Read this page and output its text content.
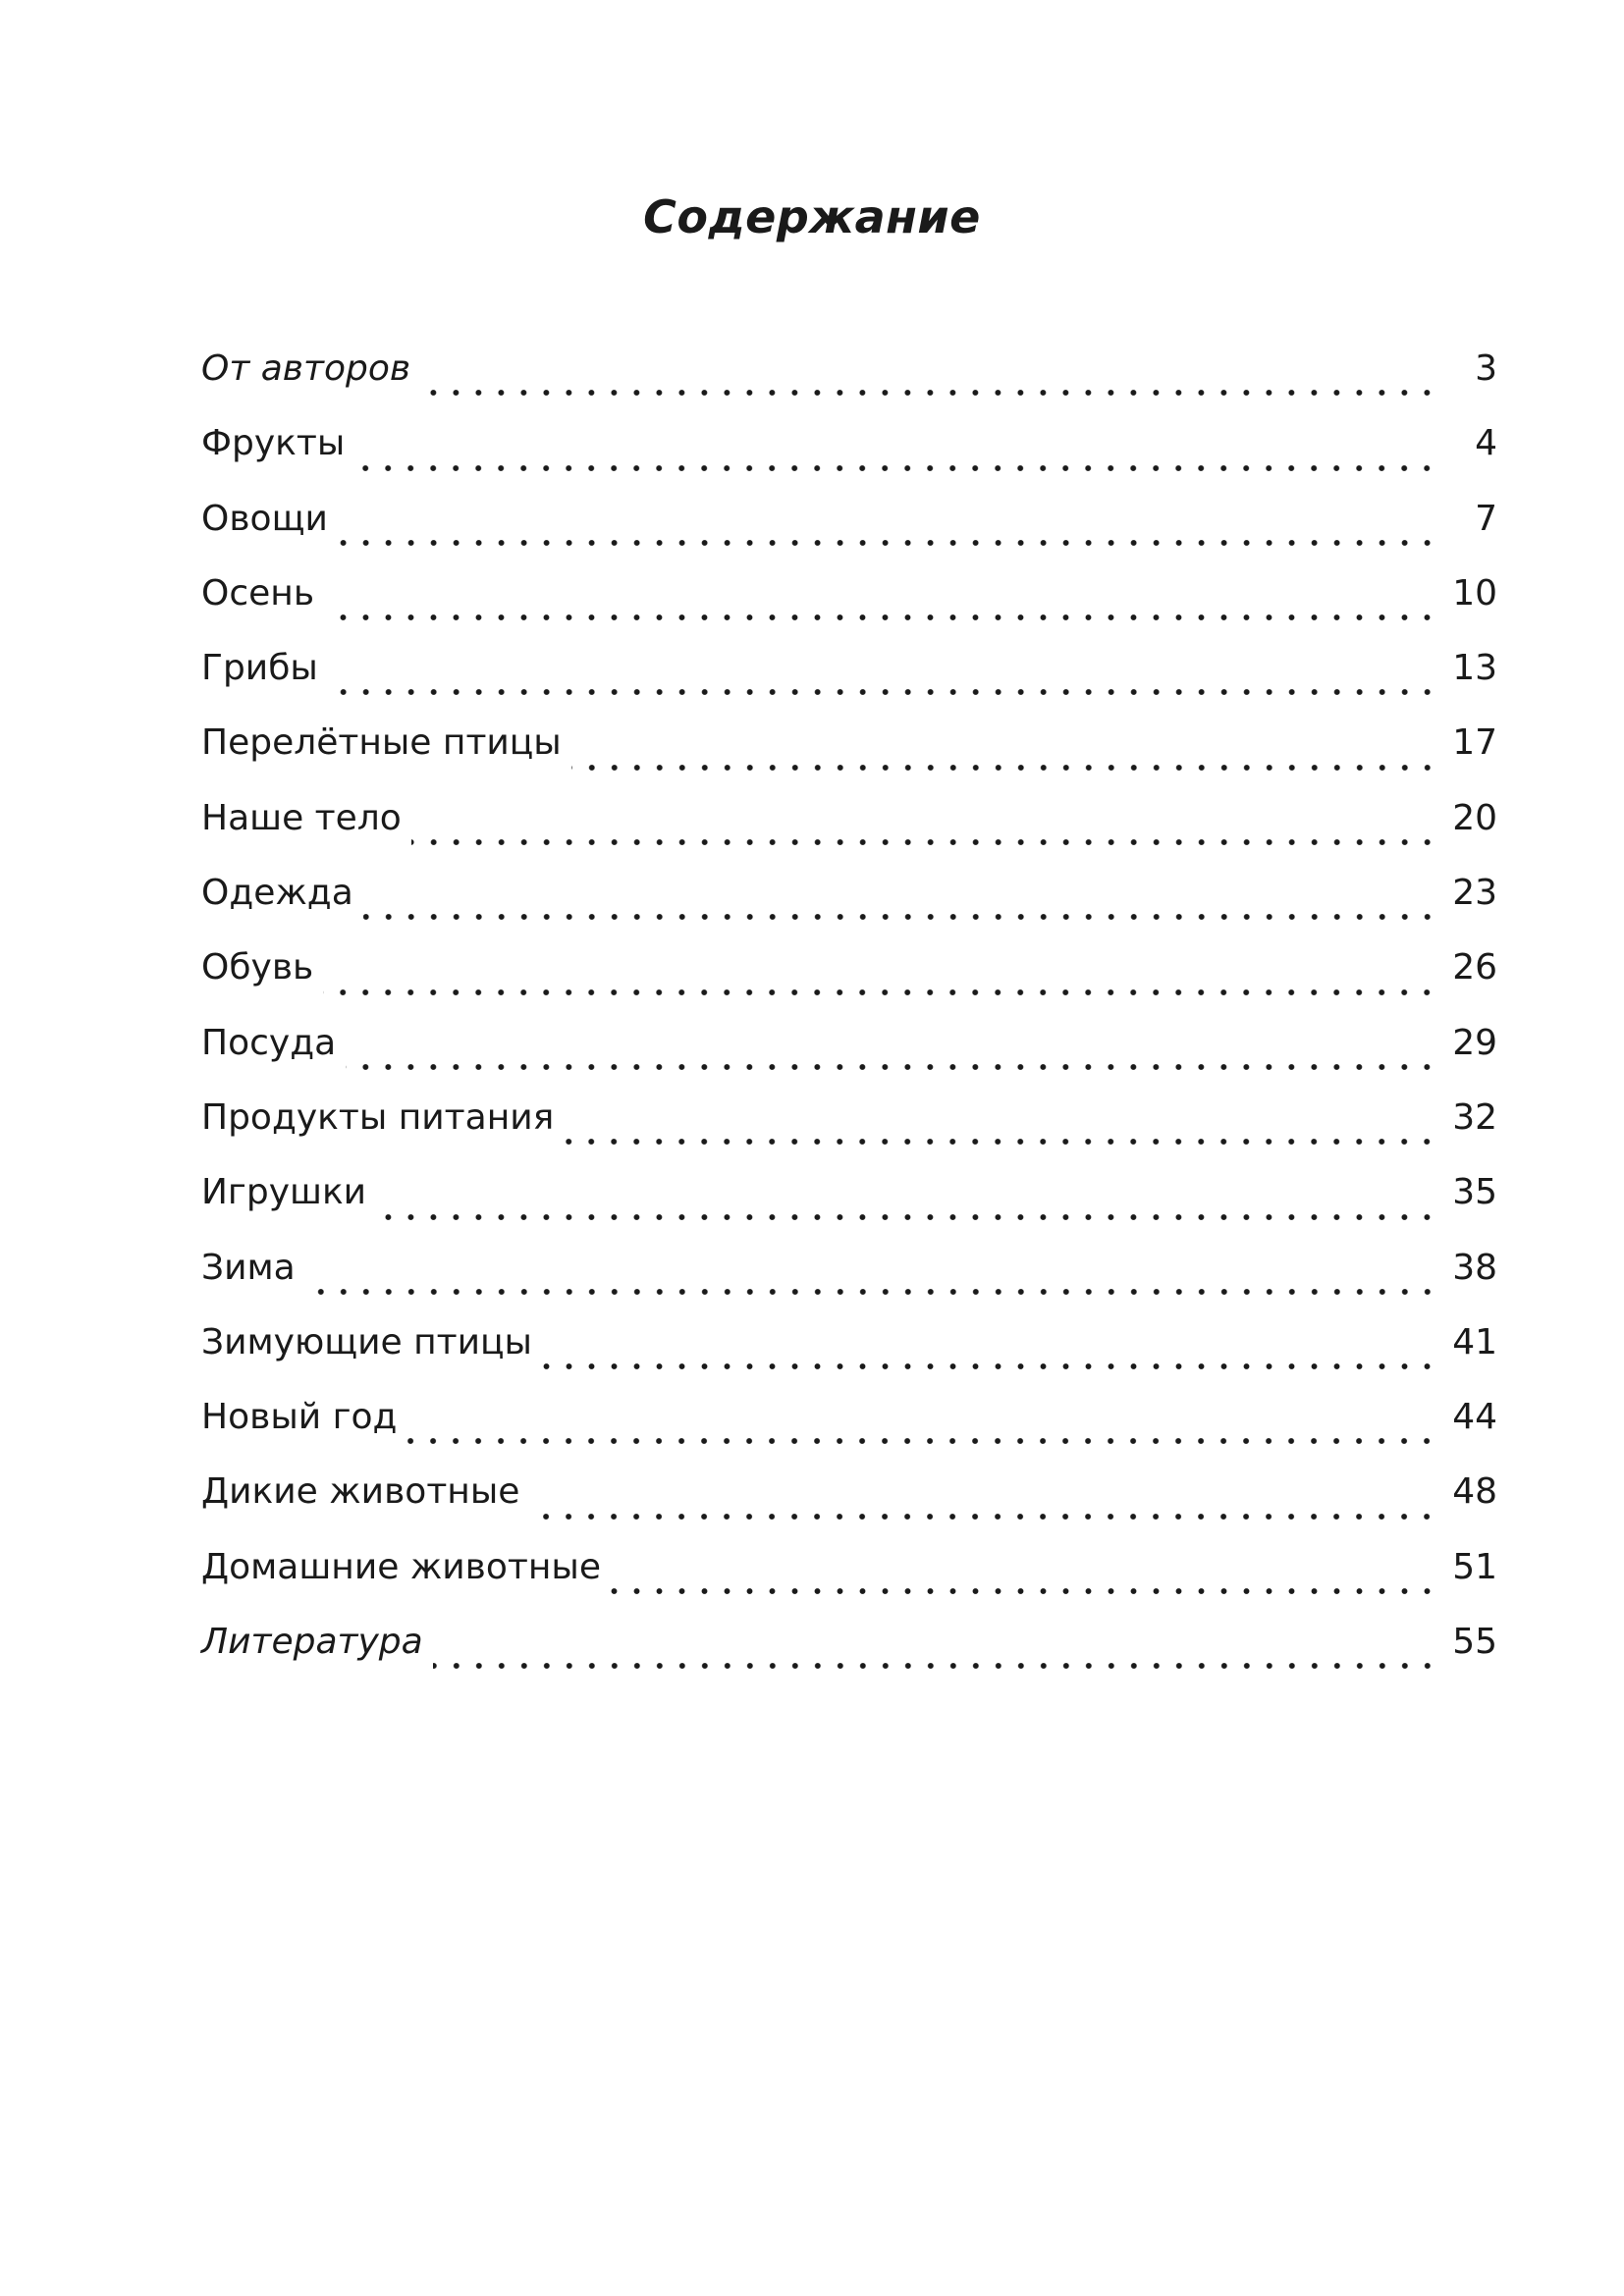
Содержание
От авторов	3
Фрукты	4
Овощи	7
Осень	10
Грибы	13
Перелётные птицы	17
Наше тело	20
Одежда	23
Обувь	26
Посуда	29
Продукты питания	32
Игрушки	35
Зима	38
Зимующие птицы	41
Новый год	44
Дикие животные	48
Домашние животные	51
Литература	55
